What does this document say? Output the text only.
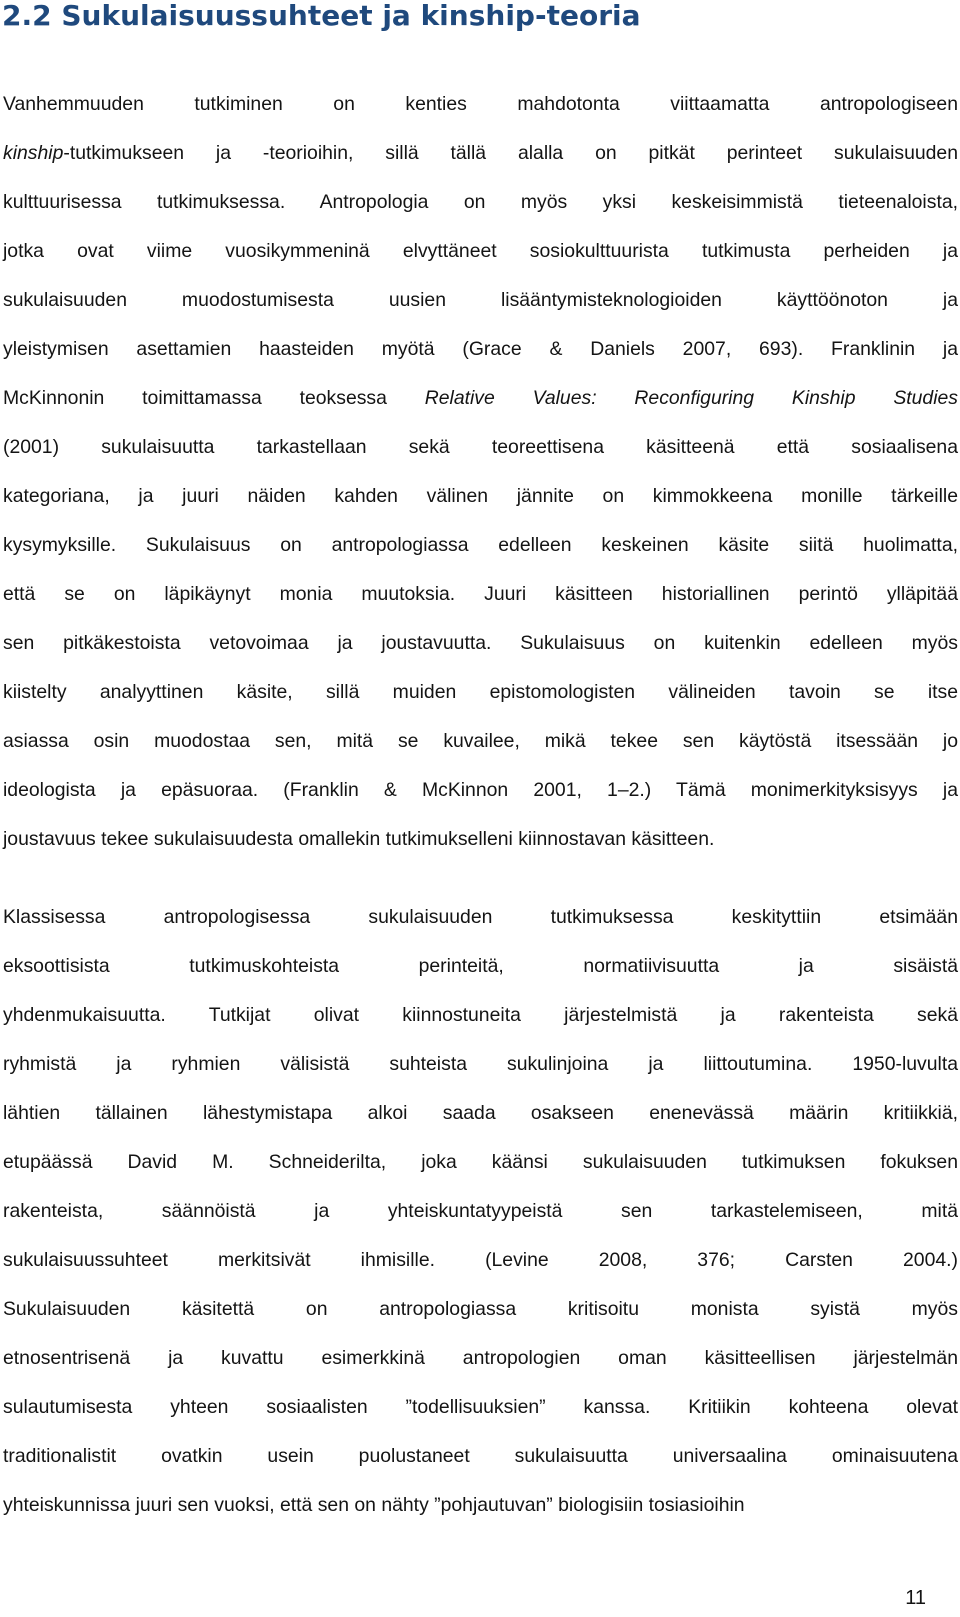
2.2 Sukulaisuussuhteet ja kinship-teoria

Vanhemmuuden tutkiminen on kenties mahdotonta viittaamatta antropologiseen
kinship-tutkimukseen ja -teorioihin, sillä tällä alalla on pitkät perinteet sukulaisuuden
kulttuurisessa tutkimuksessa. Antropologia on myös yksi keskeisimmistä tieteenaloista,
jotka ovat viime vuosikymmeninä elvyttäneet sosiokulttuurista tutkimusta perheiden ja
sukulaisuuden muodostumisesta uusien lisääntymisteknologioiden käyttöönoton ja
yleistymisen asettamien haasteiden myötä (Grace & Daniels 2007, 693). Franklinin ja
McKinnonin toimittamassa teoksessa Relative Values: Reconfiguring Kinship Studies
(2001) sukulaisuutta tarkastellaan sekä teoreettisena käsitteenä että sosiaalisena
kategoriana, ja juuri näiden kahden välinen jännite on kimmokkeena monille tärkeille
kysymyksille. Sukulaisuus on antropologiassa edelleen keskeinen käsite siitä huolimatta,
että se on läpikäynyt monia muutoksia. Juuri käsitteen historiallinen perintö ylläpitää
sen pitkäkestoista vetovoimaa ja joustavuutta. Sukulaisuus on kuitenkin edelleen myös
kiistelty analyyttinen käsite, sillä muiden epistomologisten välineiden tavoin se itse
asiassa osin muodostaa sen, mitä se kuvailee, mikä tekee sen käytöstä itsessään jo
ideologista ja epäsuoraa. (Franklin & McKinnon 2001, 1–2.) Tämä monimerkityksisyys ja
joustavuus tekee sukulaisuudesta omallekin tutkimukselleni kiinnostavan käsitteen.

Klassisessa antropologisessa sukulaisuuden tutkimuksessa keskityttiin etsimään
eksoottisista tutkimuskohteista perinteitä, normatiivisuutta ja sisäistä
yhdenmukaisuutta. Tutkijat olivat kiinnostuneita järjestelmistä ja rakenteista sekä
ryhmistä ja ryhmien välisistä suhteista sukulinjoina ja liittoutumina. 1950-luvulta
lähtien tällainen lähestymistapa alkoi saada osakseen enenevässä määrin kritiikkiä,
etupäässä David M. Schneiderilta, joka käänsi sukulaisuuden tutkimuksen fokuksen
rakenteista, säännöistä ja yhteiskuntatyypeistä sen tarkastelemiseen, mitä
sukulaisuussuhteet merkitsivät ihmisille. (Levine 2008, 376; Carsten 2004.)
Sukulaisuuden käsitettä on antropologiassa kritisoitu monista syistä myös
etnosentrisenä ja kuvattu esimerkkinä antropologien oman käsitteellisen järjestelmän
sulautumisesta yhteen sosiaalisten ”todellisuuksien” kanssa. Kritiikin kohteena olevat
traditionalistit ovatkin usein puolustaneet sukulaisuutta universaalina ominaisuutena
yhteiskunnissa juuri sen vuoksi, että sen on nähty ”pohjautuvan” biologisiin tosiasioihin

11
